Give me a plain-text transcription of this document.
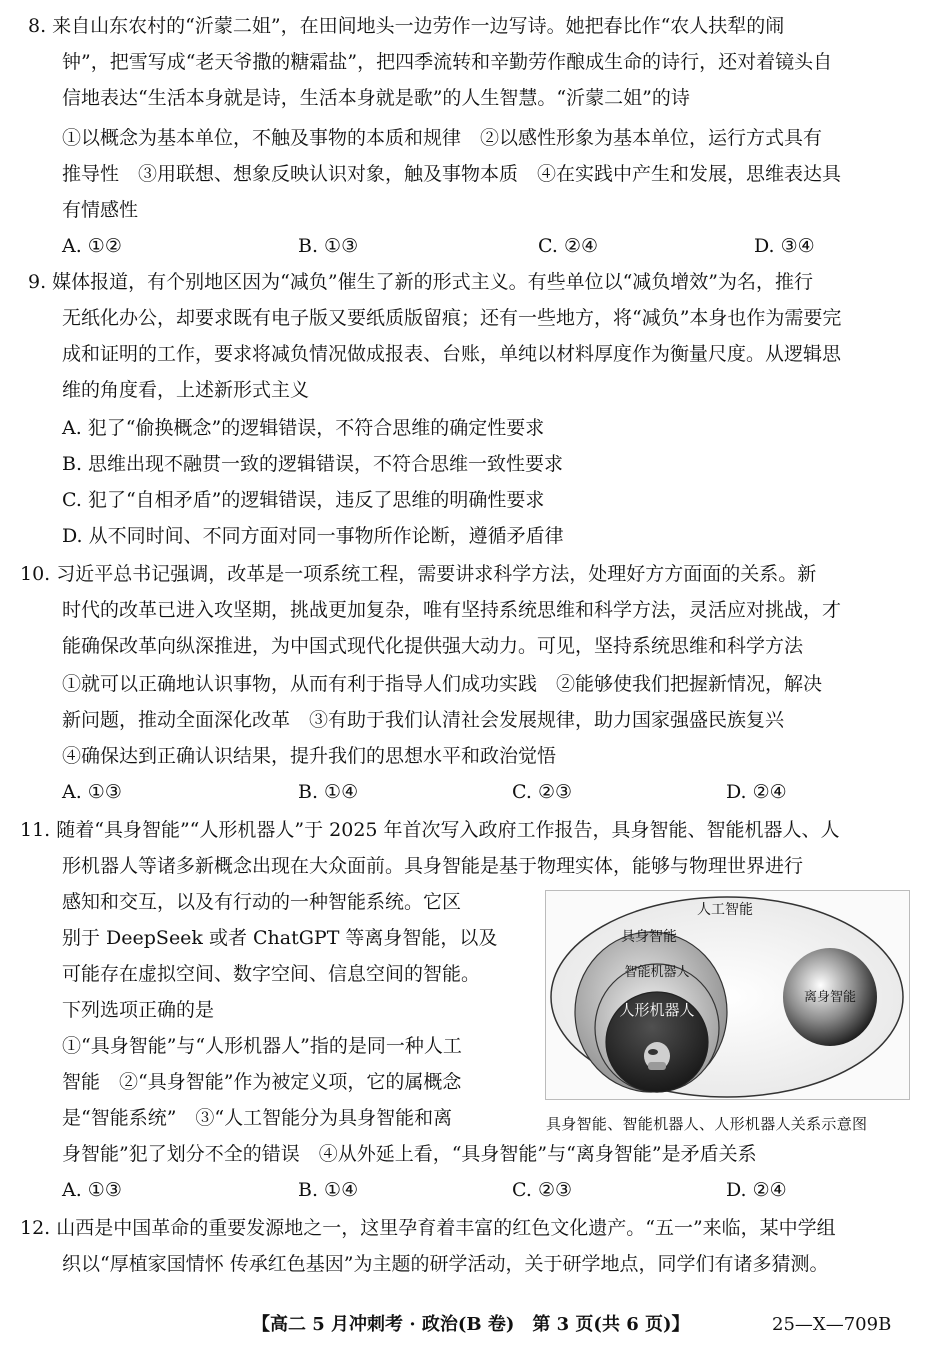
8. 来自山东农村的“沂蒙二姐”，在田间地头一边劳作一边写诗。她把春比作“农人扶犁的闹
钟”，把雪写成“老天爷撒的糖霜盐”，把四季流转和辛勤劳作酿成生命的诗行，还对着镜头自
信地表达“生活本身就是诗，生活本身就是歌”的人生智慧。“沂蒙二姐”的诗
①以概念为基本单位，不触及事物的本质和规律　②以感性形象为基本单位，运行方式具有
推导性　③用联想、想象反映认识对象，触及事物本质　④在实践中产生和发展，思维表达具
有情感性
A. ①②	B. ①③	C. ②④	D. ③④
9. 媒体报道，有个别地区因为“减负”催生了新的形式主义。有些单位以“减负增效”为名，推行
无纸化办公，却要求既有电子版又要纸质版留痕；还有一些地方，将“减负”本身也作为需要完
成和证明的工作，要求将减负情况做成报表、台账，单纯以材料厚度作为衡量尺度。从逻辑思
维的角度看，上述新形式主义
A. 犯了“偷换概念”的逻辑错误，不符合思维的确定性要求
B. 思维出现不融贯一致的逻辑错误，不符合思维一致性要求
C. 犯了“自相矛盾”的逻辑错误，违反了思维的明确性要求
D. 从不同时间、不同方面对同一事物所作论断，遵循矛盾律
10. 习近平总书记强调，改革是一项系统工程，需要讲求科学方法，处理好方方面面的关系。新
时代的改革已进入攻坚期，挑战更加复杂，唯有坚持系统思维和科学方法，灵活应对挑战，才
能确保改革向纵深推进，为中国式现代化提供强大动力。可见，坚持系统思维和科学方法
①就可以正确地认识事物，从而有利于指导人们成功实践　②能够使我们把握新情况，解决
新问题，推动全面深化改革　③有助于我们认清社会发展规律，助力国家强盛民族复兴
④确保达到正确认识结果，提升我们的思想水平和政治觉悟
A. ①③	B. ①④	C. ②③	D. ②④
11. 随着“具身智能”“人形机器人”于 2025 年首次写入政府工作报告，具身智能、智能机器人、人
形机器人等诸多新概念出现在大众面前。具身智能是基于物理实体，能够与物理世界进行
感知和交互，以及有行动的一种智能系统。它区
别于 DeepSeek 或者 ChatGPT 等离身智能，以及
可能存在虚拟空间、数字空间、信息空间的智能。
下列选项正确的是
①“具身智能”与“人形机器人”指的是同一种人工
智能　②“具身智能”作为被定义项，它的属概念
是“智能系统”　③“人工智能分为具身智能和离
身智能”犯了划分不全的错误　④从外延上看，“具身智能”与“离身智能”是矛盾关系
A. ①③	B. ①④	C. ②③	D. ②④
人工智能
具身智能
智能机器人
人形机器人
离身智能
具身智能、智能机器人、人形机器人关系示意图
12. 山西是中国革命的重要发源地之一，这里孕育着丰富的红色文化遗产。“五一”来临，某中学组
织以“厚植家国情怀 传承红色基因”为主题的研学活动，关于研学地点，同学们有诸多猜测。
【高二 5 月冲刺考 · 政治(B 卷)　第 3 页(共 6 页)】	25—X—709B
